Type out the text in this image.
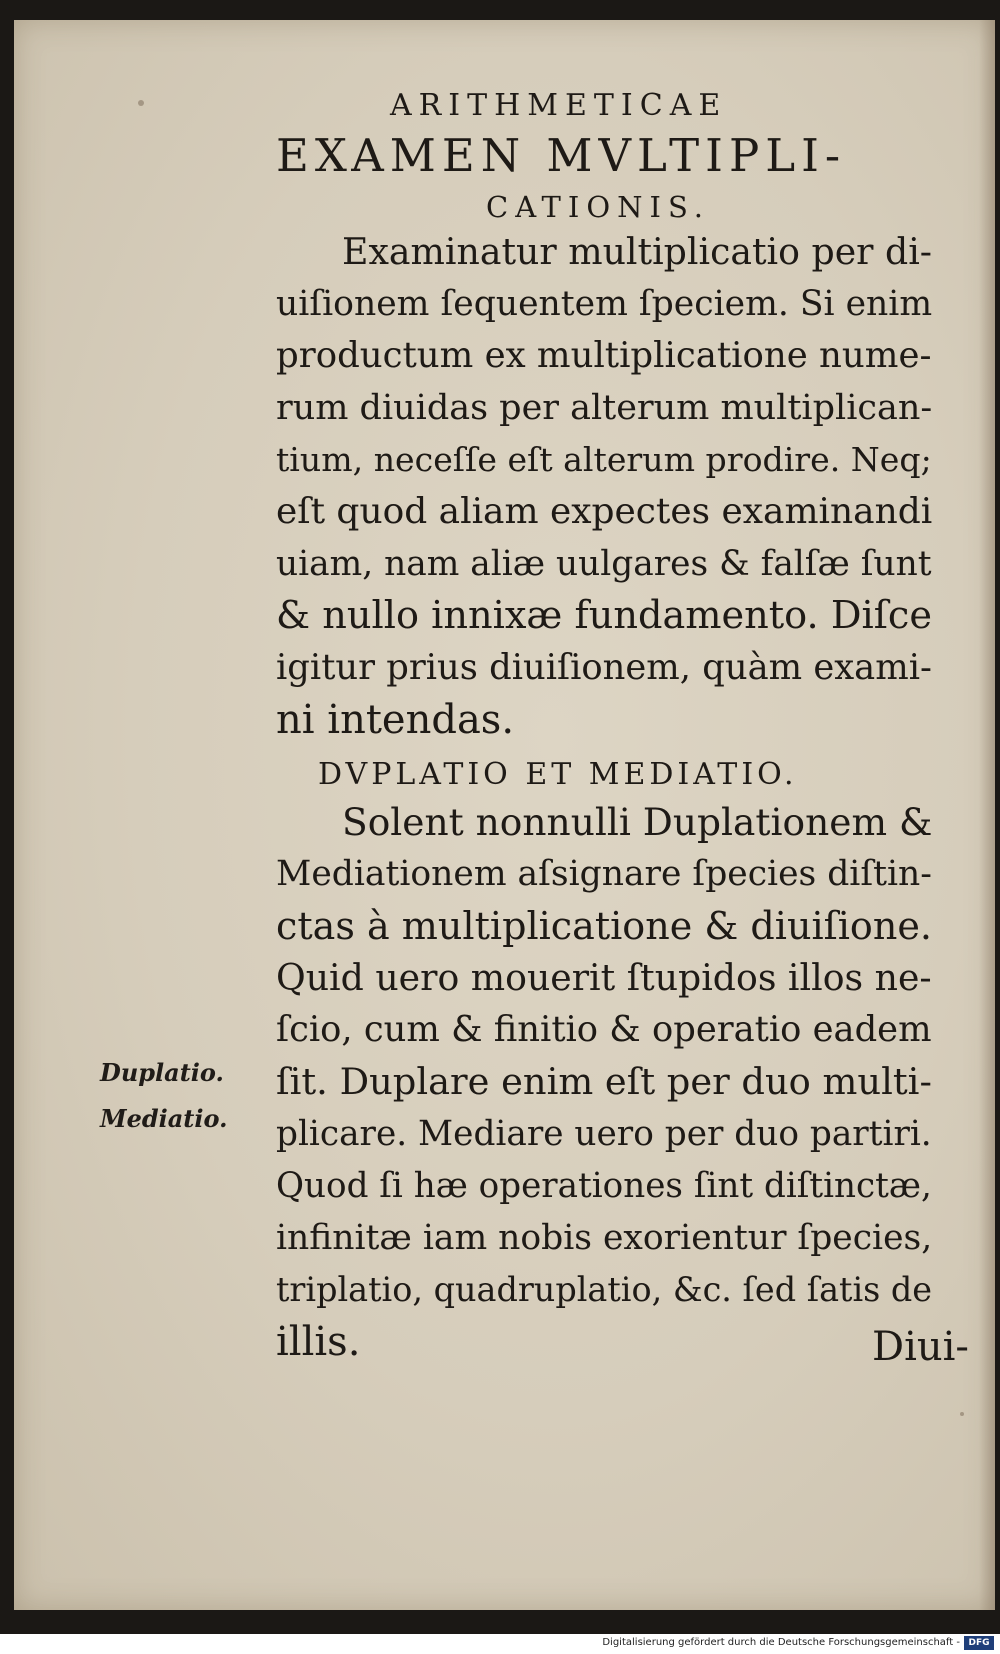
ARITHMETICAE
EXAMEN MVLTIPLI-
CATIONIS.
Examinatur multiplicatio per di-
uiſionem ſequentem ſpeciem. Si enim
productum ex multiplicatione nume-
rum diuidas per alterum multiplican-
tium, neceſſe eſt alterum prodire. Neq;
eſt quod aliam expectes examinandi
uiam, nam aliæ uulgares & falſæ ſunt
& nullo innixæ fundamento. Diſce
igitur prius diuiſionem, quàm exami-
ni intendas.
DVPLATIO ET MEDIATIO.
Solent nonnulli Duplationem &
Mediationem aſsignare ſpecies diſtin-
ctas à multiplicatione & diuiſione.
Quid uero mouerit ſtupidos illos ne-
ſcio, cum & finitio & operatio eadem
ſit. Duplare enim eſt per duo multi-
plicare. Mediare uero per duo partiri.
Quod ſi hæ operationes ſint diſtinctæ,
infinitæ iam nobis exorientur ſpecies,
triplatio, quadruplatio, &c. ſed ſatis de
illis.
Duplatio.
Mediatio.
Diui-
Digitalisierung gefördert durch die Deutsche Forschungsgemeinschaft - DFG
